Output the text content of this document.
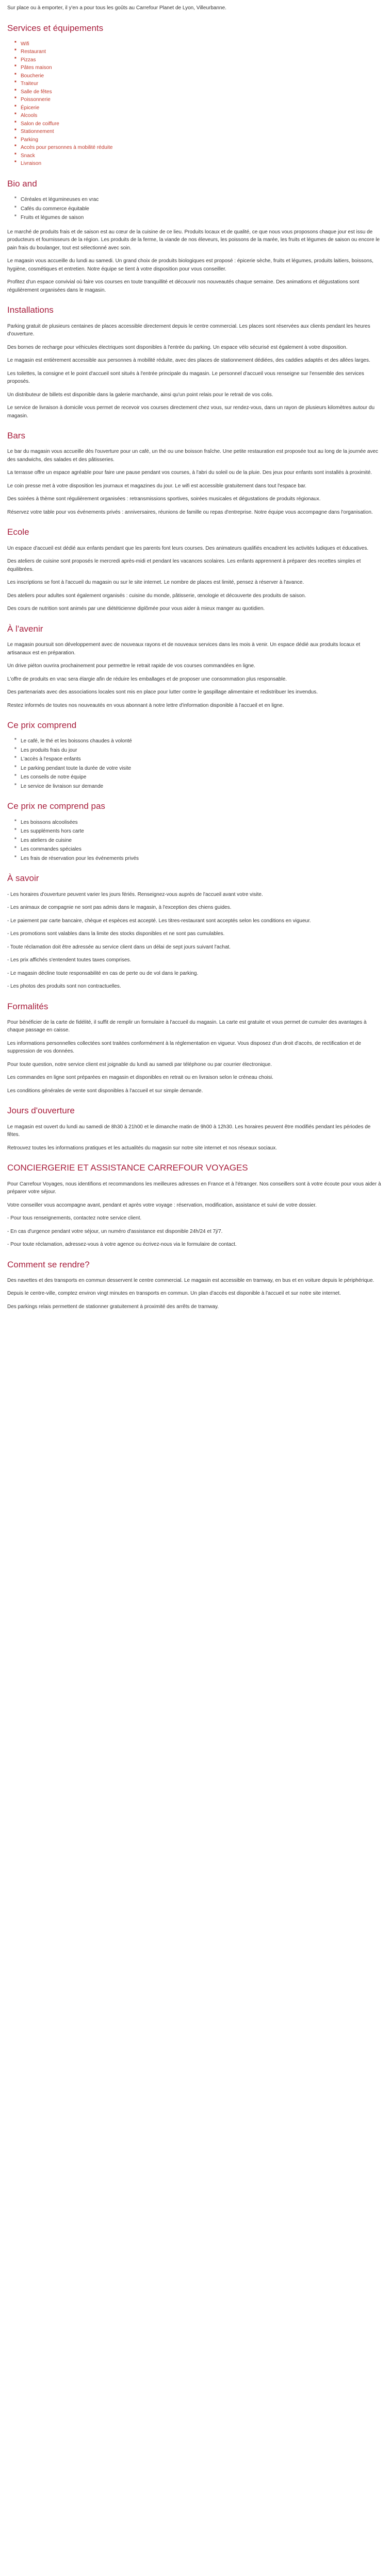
Sur place ou à emporter, il y'en a pour tous les goûts au Carrefour Planet de Lyon, Villeurbanne.

Services et équipements
■ Wifi
■ Restaurant
■ Pizzas
■ Pâtes maison
■ Boucherie
■ Traiteur
■ Salle de fêtes
■ Poissonnerie
■ Épicerie
■ Alcools
■ Salon de coiffure
■ Stationnement
■ Parking
■ Accès pour personnes à mobilité réduite
■ Snack
■ Livraison
Bio and
■ Céréales et légumineuses en vrac
■ Cafés du commerce équitable
■ Fruits et légumes de saison

Le marché de produits frais et de saison est au cœur de la cuisine de ce lieu. Produits locaux et de qualité, ce que nous vous proposons chaque jour est issu de producteurs et fournisseurs de la région. Les produits de la ferme, la viande de nos éleveurs, les poissons de la marée, les fruits et légumes de saison ou encore le pain frais du boulanger, tout est sélectionné avec soin.

Le magasin vous accueille du lundi au samedi. Un grand choix de produits biologiques est proposé : épicerie sèche, fruits et légumes, produits laitiers, boissons, hygiène, cosmétiques et entretien. Notre équipe se tient à votre disposition pour vous conseiller.

Profitez d'un espace convivial où faire vos courses en toute tranquillité et découvrir nos nouveautés chaque semaine. Des animations et dégustations sont régulièrement organisées dans le magasin.

Installations

Parking gratuit de plusieurs centaines de places accessible directement depuis le centre commercial. Les places sont réservées aux clients pendant les heures d'ouverture.

Des bornes de recharge pour véhicules électriques sont disponibles à l'entrée du parking. Un espace vélo sécurisé est également à votre disposition.

Le magasin est entièrement accessible aux personnes à mobilité réduite, avec des places de stationnement dédiées, des caddies adaptés et des allées larges.

Les toilettes, la consigne et le point d'accueil sont situés à l'entrée principale du magasin. Le personnel d'accueil vous renseigne sur l'ensemble des services proposés.

Un distributeur de billets est disponible dans la galerie marchande, ainsi qu'un point relais pour le retrait de vos colis.

Le service de livraison à domicile vous permet de recevoir vos courses directement chez vous, sur rendez-vous, dans un rayon de plusieurs kilomètres autour du magasin.

Bars

Le bar du magasin vous accueille dès l'ouverture pour un café, un thé ou une boisson fraîche. Une petite restauration est proposée tout au long de la journée avec des sandwichs, des salades et des pâtisseries.

La terrasse offre un espace agréable pour faire une pause pendant vos courses, à l'abri du soleil ou de la pluie. Des jeux pour enfants sont installés à proximité.

Le coin presse met à votre disposition les journaux et magazines du jour. Le wifi est accessible gratuitement dans tout l'espace bar.

Des soirées à thème sont régulièrement organisées : retransmissions sportives, soirées musicales et dégustations de produits régionaux.

Réservez votre table pour vos événements privés : anniversaires, réunions de famille ou repas d'entreprise. Notre équipe vous accompagne dans l'organisation.

Ecole

Un espace d'accueil est dédié aux enfants pendant que les parents font leurs courses. Des animateurs qualifiés encadrent les activités ludiques et éducatives.

Des ateliers de cuisine sont proposés le mercredi après-midi et pendant les vacances scolaires. Les enfants apprennent à préparer des recettes simples et équilibrées.

Les inscriptions se font à l'accueil du magasin ou sur le site internet. Le nombre de places est limité, pensez à réserver à l'avance.

Des ateliers pour adultes sont également organisés : cuisine du monde, pâtisserie, œnologie et découverte des produits de saison.

Des cours de nutrition sont animés par une diététicienne diplômée pour vous aider à mieux manger au quotidien.

À l'avenir

Le magasin poursuit son développement avec de nouveaux rayons et de nouveaux services dans les mois à venir. Un espace dédié aux produits locaux et artisanaux est en préparation.

Un drive piéton ouvrira prochainement pour permettre le retrait rapide de vos courses commandées en ligne.

L'offre de produits en vrac sera élargie afin de réduire les emballages et de proposer une consommation plus responsable.

Des partenariats avec des associations locales sont mis en place pour lutter contre le gaspillage alimentaire et redistribuer les invendus.

Restez informés de toutes nos nouveautés en vous abonnant à notre lettre d'information disponible à l'accueil et en ligne.

Ce prix comprend
■ Le café, le thé et les boissons chaudes à volonté
■ Les produits frais du jour
■ L'accès à l'espace enfants
■ Le parking pendant toute la durée de votre visite
■ Les conseils de notre équipe
■ Le service de livraison sur demande
Ce prix ne comprend pas
■ Les boissons alcoolisées
■ Les suppléments hors carte
■ Les ateliers de cuisine
■ Les commandes spéciales
■ Les frais de réservation pour les événements privés
À savoir

- Les horaires d'ouverture peuvent varier les jours fériés. Renseignez-vous auprès de l'accueil avant votre visite.

- Les animaux de compagnie ne sont pas admis dans le magasin, à l'exception des chiens guides.

- Le paiement par carte bancaire, chèque et espèces est accepté. Les titres-restaurant sont acceptés selon les conditions en vigueur.

- Les promotions sont valables dans la limite des stocks disponibles et ne sont pas cumulables.

- Toute réclamation doit être adressée au service client dans un délai de sept jours suivant l'achat.

- Les prix affichés s'entendent toutes taxes comprises.

- Le magasin décline toute responsabilité en cas de perte ou de vol dans le parking.

- Les photos des produits sont non contractuelles.

Formalités

Pour bénéficier de la carte de fidélité, il suffit de remplir un formulaire à l'accueil du magasin. La carte est gratuite et vous permet de cumuler des avantages à chaque passage en caisse.

Les informations personnelles collectées sont traitées conformément à la réglementation en vigueur. Vous disposez d'un droit d'accès, de rectification et de suppression de vos données.

Pour toute question, notre service client est joignable du lundi au samedi par téléphone ou par courrier électronique.

Les commandes en ligne sont préparées en magasin et disponibles en retrait ou en livraison selon le créneau choisi.

Les conditions générales de vente sont disponibles à l'accueil et sur simple demande.

Jours d'ouverture

Le magasin est ouvert du lundi au samedi de 8h30 à 21h00 et le dimanche matin de 9h00 à 12h30. Les horaires peuvent être modifiés pendant les périodes de fêtes.

Retrouvez toutes les informations pratiques et les actualités du magasin sur notre site internet et nos réseaux sociaux.

CONCIERGERIE ET ASSISTANCE CARREFOUR VOYAGES

Pour Carrefour Voyages, nous identifions et recommandons les meilleures adresses en France et à l'étranger. Nos conseillers sont à votre écoute pour vous aider à préparer votre séjour.

Votre conseiller vous accompagne avant, pendant et après votre voyage : réservation, modification, assistance et suivi de votre dossier.

- Pour tous renseignements, contactez notre service client.

- En cas d'urgence pendant votre séjour, un numéro d'assistance est disponible 24h/24 et 7j/7.

- Pour toute réclamation, adressez-vous à votre agence ou écrivez-nous via le formulaire de contact.

Comment se rendre?

Des navettes et des transports en commun desservent le centre commercial. Le magasin est accessible en tramway, en bus et en voiture depuis le périphérique.

Depuis le centre-ville, comptez environ vingt minutes en transports en commun. Un plan d'accès est disponible à l'accueil et sur notre site internet.

Des parkings relais permettent de stationner gratuitement à proximité des arrêts de tramway.
